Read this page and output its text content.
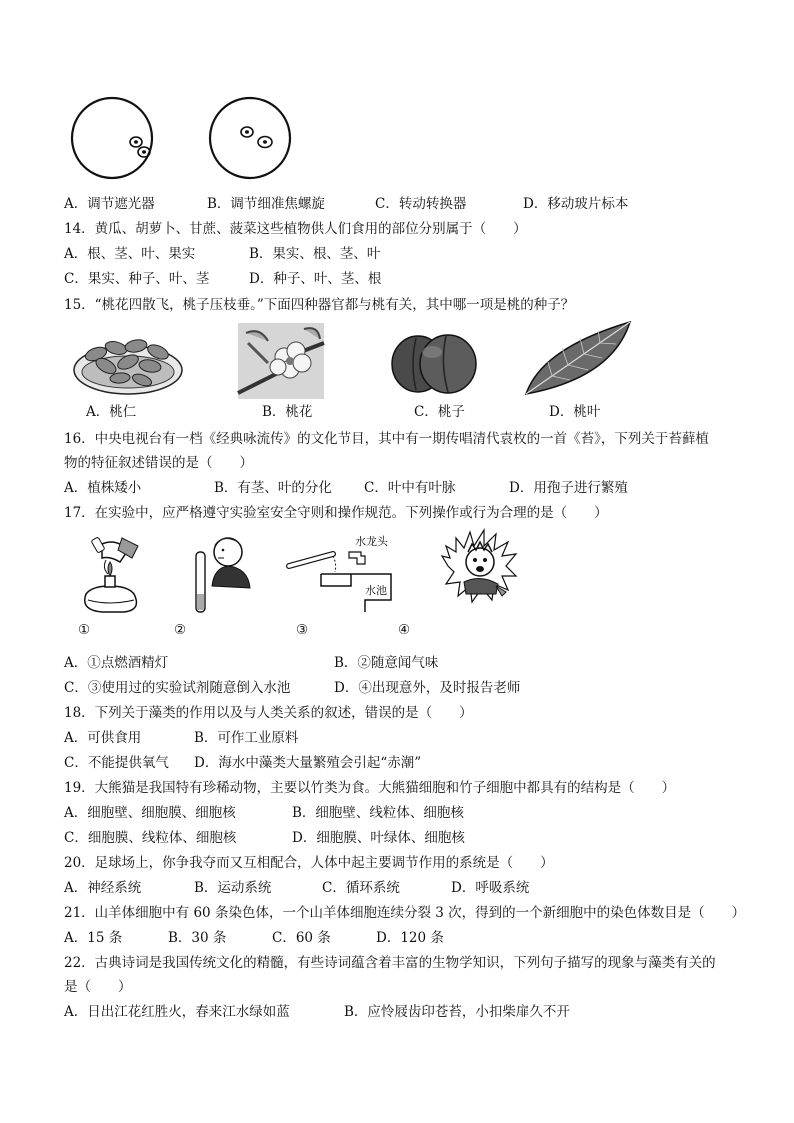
A．调节遮光器	B．调节细准焦螺旋	C．转动转换器	D．移动玻片标本
14．黄瓜、胡萝卜、甘蔗、菠菜这些植物供人们食用的部位分别属于（　　）
A．根、茎、叶、果实	B．果实、根、茎、叶
C．果实、种子、叶、茎	D．种子、叶、茎、根
15．“桃花四散飞，桃子压枝垂。”下面四种器官都与桃有关，其中哪一项是桃的种子？
A．桃仁	B．桃花	C．桃子	D．桃叶
16．中央电视台有一档《经典咏流传》的文化节目，其中有一期传唱清代袁枚的一首《苔》，下列关于苔藓植
物的特征叙述错误的是（　　）
A．植株矮小	B．有茎、叶的分化 C．叶中有叶脉	D．用孢子进行繁殖
17．在实验中，应严格遵守实验室安全守则和操作规范。下列操作或行为合理的是（　　）
水龙头
水池
①	②	③	④
A．①点燃酒精灯	B．②随意闻气味
C．③使用过的实验试剂随意倒入水池	D．④出现意外，及时报告老师
18．下列关于藻类的作用以及与人类关系的叙述，错误的是（　　）
A．可供食用	B．可作工业原料
C．不能提供氧气 D．海水中藻类大量繁殖会引起“赤潮”
19．大熊猫是我国特有珍稀动物，主要以竹类为食。大熊猫细胞和竹子细胞中都具有的结构是（　　）
A．细胞壁、细胞膜、细胞核	B．细胞壁、线粒体、细胞核
C．细胞膜、线粒体、细胞核	D．细胞膜、叶绿体、细胞核
20．足球场上，你争我夺而又互相配合，人体中起主要调节作用的系统是（　　）
A．神经系统	B．运动系统	C．循环系统	D．呼吸系统
21．山羊体细胞中有 60 条染色体，一个山羊体细胞连续分裂 3 次，得到的一个新细胞中的染色体数目是（　　）
A．15 条	B．30 条	C．60 条	D．120 条
22．古典诗词是我国传统文化的精髓，有些诗词蕴含着丰富的生物学知识，下列句子描写的现象与藻类有关的
是（　　）
A．日出江花红胜火，春来江水绿如蓝	B．应怜屐齿印苍苔，小扣柴扉久不开
